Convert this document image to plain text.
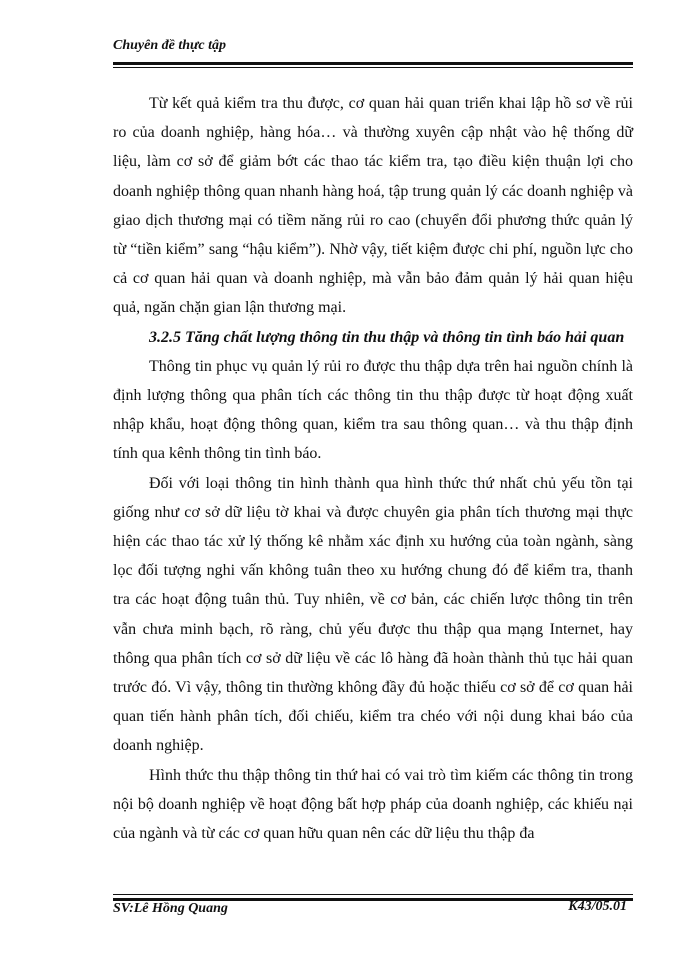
Chuyên đề thực tập

Từ kết quả kiểm tra thu được, cơ quan hải quan triển khai lập hồ sơ về rủi ro của doanh nghiệp, hàng hóa… và thường xuyên cập nhật vào hệ thống dữ liệu, làm cơ sở để giảm bớt các thao tác kiểm tra, tạo điều kiện thuận lợi cho doanh nghiệp thông quan nhanh hàng hoá, tập trung quản lý các doanh nghiệp và giao dịch thương mại có tiềm năng rủi ro cao (chuyển đổi phương thức quản lý từ “tiền kiểm” sang “hậu kiểm”). Nhờ vậy, tiết kiệm được chi phí, nguồn lực cho cả cơ quan hải quan và doanh nghiệp, mà vẫn bảo đảm quản lý hải quan hiệu quả, ngăn chặn gian lận thương mại.

3.2.5 Tăng chất lượng thông tin thu thập và thông tin tình báo hải quan

Thông tin phục vụ quản lý rủi ro được thu thập dựa trên hai nguồn chính là định lượng thông qua phân tích các thông tin thu thập được từ hoạt động xuất nhập khẩu, hoạt động thông quan, kiểm tra sau thông quan… và thu thập định tính qua kênh thông tin tình báo.

Đối với loại thông tin hình thành qua hình thức thứ nhất chủ yếu tồn tại giống như cơ sở dữ liệu tờ khai và được chuyên gia phân tích thương mại thực hiện các thao tác xử lý thống kê nhằm xác định xu hướng của toàn ngành, sàng lọc đối tượng nghi vấn không tuân theo xu hướng chung đó để kiểm tra, thanh tra các hoạt động tuân thủ. Tuy nhiên, về cơ bản, các chiến lược thông tin trên vẫn chưa minh bạch, rõ ràng, chủ yếu được thu thập qua mạng Internet, hay thông qua phân tích cơ sở dữ liệu về các lô hàng đã hoàn thành thủ tục hải quan trước đó. Vì vậy, thông tin thường không đầy đủ hoặc thiếu cơ sở để cơ quan hải quan tiến hành phân tích, đối chiếu, kiểm tra chéo với nội dung khai báo của doanh nghiệp.

Hình thức thu thập thông tin thứ hai có vai trò tìm kiếm các thông tin trong nội bộ doanh nghiệp về hoạt động bất hợp pháp của doanh nghiệp, các khiếu nại của ngành và từ các cơ quan hữu quan nên các dữ liệu thu thập đa

SV:Lê Hồng Quang	K43/05.01
